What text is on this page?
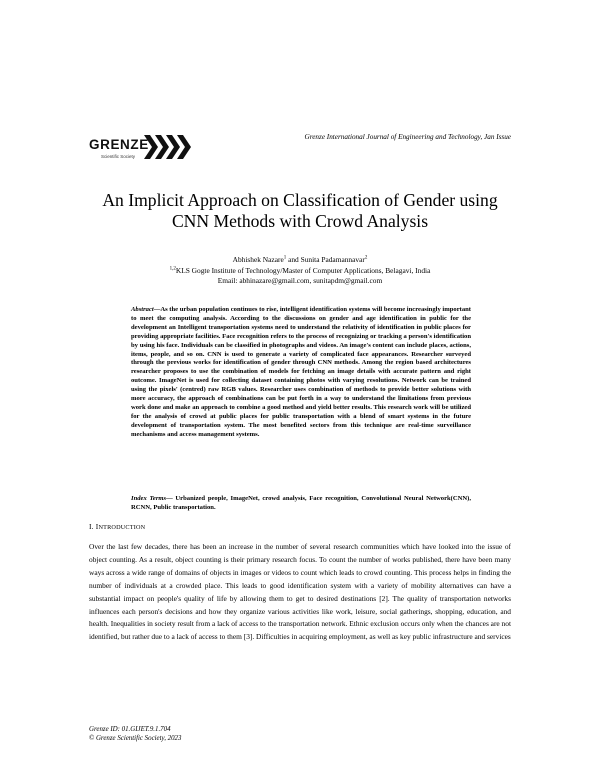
GRENZE
Scientific Society
Grenze International Journal of Engineering and Technology, Jan Issue
An Implicit Approach on Classification of Gender using
CNN Methods with Crowd Analysis
Abhishek Nazare$^1$ and Sunita Padamannavar$^2$
$^{1,2}$KLS Gogte Institute of Technology/Master of Computer Applications, Belagavi, India
Email: abhinazare@gmail.com, sunitapdm@gmail.com
Abstract—As the urban population continues to rise, intelligent identification systems will become increasingly important to meet the computing analysis. According to the discussions on gender and age identification in public for the development an Intelligent transportation systems need to understand the relativity of identification in public places for providing appropriate facilities. Face recognition refers to the process of recognizing or tracking a person's identification by using his face. Individuals can be classified in photographs and videos. An image's content can include places, actions, items, people, and so on. CNN is used to generate a variety of complicated face appearances. Researcher surveyed through the previous works for identification of gender through CNN methods. Among the region based architectures researcher proposes to use the combination of models for fetching an image details with accurate pattern and right outcome. ImageNet is used for collecting dataset containing photos with varying resolutions. Network can be trained using the pixels' (centred) raw RGB values. Researcher uses combination of methods to provide better solutions with more accuracy, the approach of combinations can be put forth in a way to understand the limitations from previous work done and make an approach to combine a good method and yield better results. This research work will be utilized for the analysis of crowd at public places for public transportation with a blend of smart systems in the future development of transportation system. The most benefited sectors from this technique are real-time surveillance mechanisms and access management systems.
Index Terms— Urbanized people, ImageNet, crowd analysis, Face recognition, Convolutional Neural Network(CNN), RCNN, Public transportation.
I. INTRODUCTION
Over the last few decades, there has been an increase in the number of several research communities which have looked into the issue of object counting. As a result, object counting is their primary research focus. To count the number of works published, there have been many ways across a wide range of domains of objects in images or videos to count which leads to crowd counting. This process helps in finding the number of individuals at a crowded place. This leads to good identification system with a variety of mobility alternatives can have a substantial impact on people's quality of life by allowing them to get to desired destinations [2]. The quality of transportation networks influences each person's decisions and how they organize various activities like work, leisure, social gatherings, shopping, education, and health. Inequalities in society result from a lack of access to the transportation network. Ethnic exclusion occurs only when the chances are not identified, but rather due to a lack of access to them [3]. Difficulties in acquiring employment, as well as key public infrastructure and services
Grenze ID: 01.GIJET.9.1.704
© Grenze Scientific Society, 2023
